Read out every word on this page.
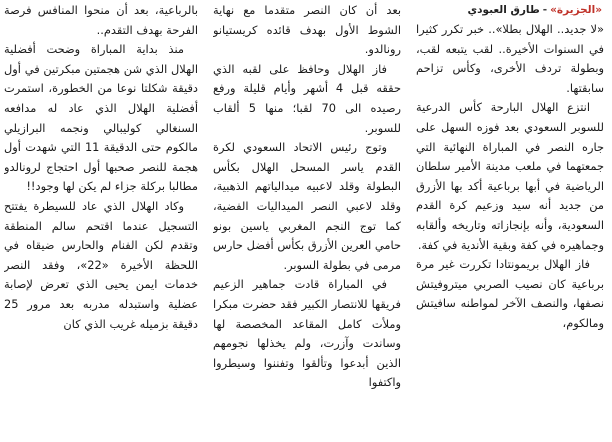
«الجزيرة»
-
طارق العبودي

«لا جديد.. الهلال بطلا».. خبر تكرر كثيرا في السنوات الأخيرة.. لقب يتبعه لقب، وبطولة تردف الأخرى، وكأس تزاحم سابقتها.

انتزع الهلال البارحة كأس الدرعية للسوبر السعودي بعد فوزه السهل على جاره النصر في المباراة النهائية التي جمعتهما في ملعب مدينة الأمير سلطان الرياضية في أبها برباعية أكد بها الأزرق من جديد أنه سيد وزعيم كرة القدم السعودية، وأنه بإنجازاته وتاريخه وألقابه وجماهيره في كفة وبقية الأندية في كفة.

فاز الهلال بريمونتادا تكررت غير مرة برباعية كان نصيب الصربي ميتروفيتش نصفها، والنصف الآخر لمواطنه سافيتش ومالكوم،

بعد أن كان النصر متقدما مع نهاية الشوط الأول بهدف قائده كريستيانو رونالدو.

فاز الهلال وحافظ على لقبه الذي حققه قبل 4 أشهر وأيام قليلة ورفع رصيده الى 70 لقبا؛ منها 5 ألقاب للسوبر.

وتوج رئيس الاتحاد السعودي لكرة القدم ياسر المسحل الهلال بكأس البطولة وقلد لاعبيه ميدالياتهم الذهبية، وقلد لاعبي النصر الميداليات الفضية، كما توج النجم المغربي ياسين بونو حامي العرين الأزرق بكأس أفضل حارس مرمى في بطولة السوبر.

في المباراة قادت جماهير الزعيم فريقها للانتصار الكبير فقد حضرت مبكرا وملأت كامل المقاعد المخصصة لها وساندت وآزرت، ولم يخذلها نجومهم الذين أبدعوا وتألقوا وتفننوا وسيطروا واكتفوا

بالرباعية، بعد أن منحوا المنافس فرصة الفرحة بهدف التقدم..

منذ بداية المباراة وضحت أفضلية الهلال الذي شن هجمتين مبكرتين في أول دقيقة شكلتا نوعا من الخطورة، استمرت أفضلية الهلال الذي عاد له مدافعه السنغالي كوليبالي ونجمه البرازيلي مالكوم حتى الدقيقة 11 التي شهدت أول هجمة للنصر صحبها أول احتجاج لرونالدو مطالبا بركلة جزاء لم يكن لها وجود!!

وكاد الهلال الذي عاد للسيطرة يفتتح التسجيل عندما اقتحم سالم المنطقة وتقدم لكن الفنام والحارس ضيقاه في اللحظة الأخيرة «22»، وفقد النصر خدمات ايمن يحيى الذي تعرض لإصابة عضلية واستبدله مدربه بعد مرور 25 دقيقة بزميله غريب الذي كان
